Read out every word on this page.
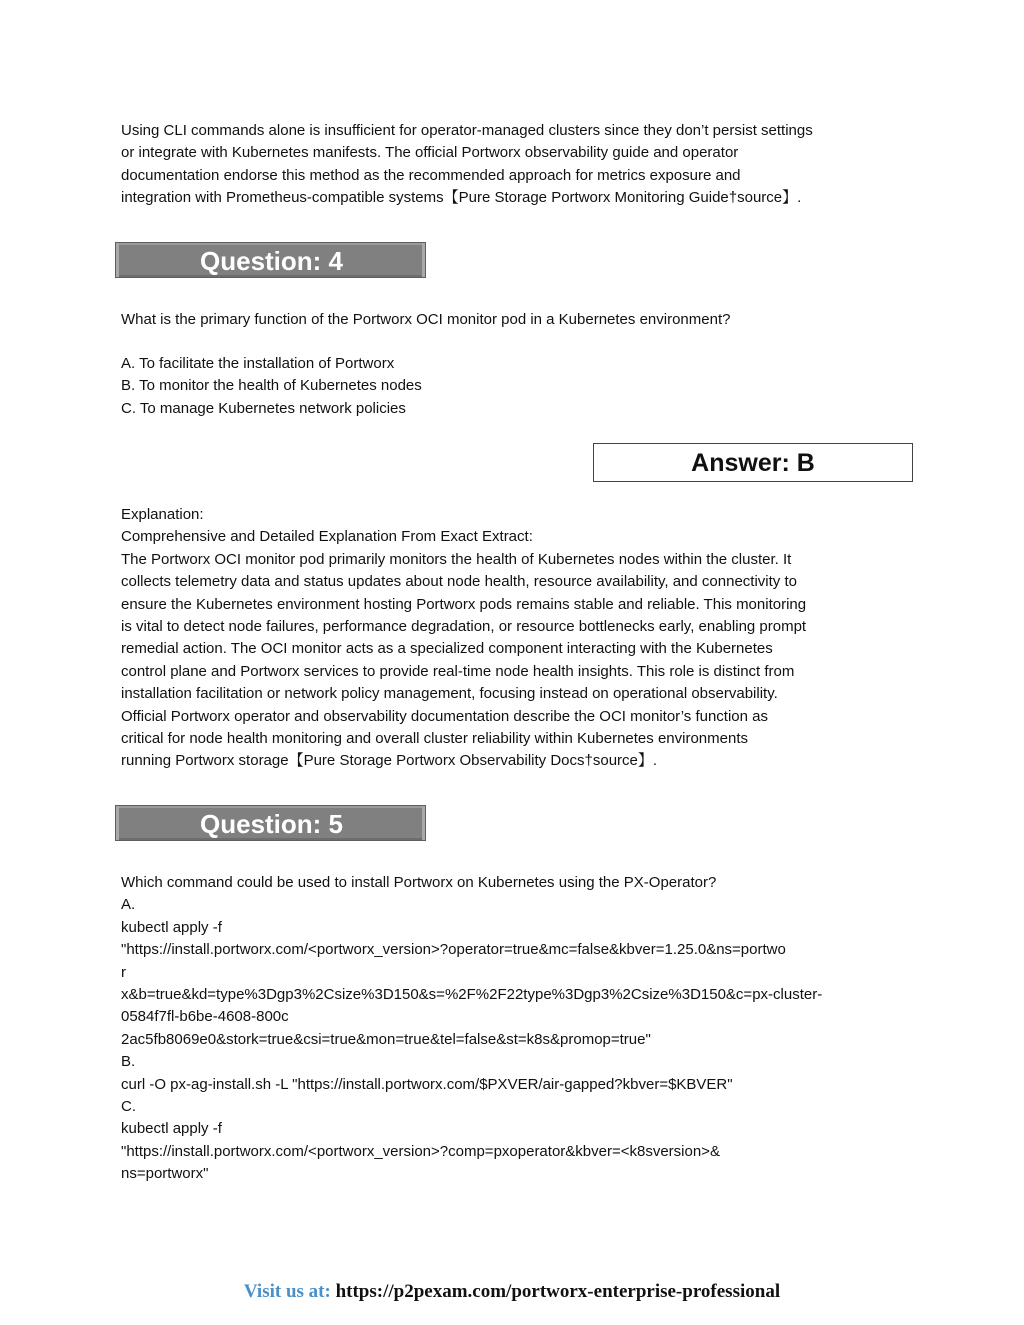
Using CLI commands alone is insufficient for operator-managed clusters since they don’t persist settings
or integrate with Kubernetes manifests. The official Portworx observability guide and operator
documentation endorse this method as the recommended approach for metrics exposure and
integration with Prometheus-compatible systems【Pure Storage Portworx Monitoring Guide†source】.
Question: 4
What is the primary function of the Portworx OCI monitor pod in a Kubernetes environment?
A. To facilitate the installation of Portworx
B. To monitor the health of Kubernetes nodes
C. To manage Kubernetes network policies
Answer: B
Explanation:
Comprehensive and Detailed Explanation From Exact Extract:
The Portworx OCI monitor pod primarily monitors the health of Kubernetes nodes within the cluster. It
collects telemetry data and status updates about node health, resource availability, and connectivity to
ensure the Kubernetes environment hosting Portworx pods remains stable and reliable. This monitoring
is vital to detect node failures, performance degradation, or resource bottlenecks early, enabling prompt
remedial action. The OCI monitor acts as a specialized component interacting with the Kubernetes
control plane and Portworx services to provide real-time node health insights. This role is distinct from
installation facilitation or network policy management, focusing instead on operational observability.
Official Portworx operator and observability documentation describe the OCI monitor’s function as
critical for node health monitoring and overall cluster reliability within Kubernetes environments
running Portworx storage【Pure Storage Portworx Observability Docs†source】.
Question: 5
Which command could be used to install Portworx on Kubernetes using the PX-Operator?
A.
kubectl apply -f
"https://install.portworx.com/<portworx_version>?operator=true&mc=false&kbver=1.25.0&ns=portwo
r
x&b=true&kd=type%3Dgp3%2Csize%3D150&s=%2F%2F22type%3Dgp3%2Csize%3D150&c=px-cluster-
0584f7fl-b6be-4608-800c
2ac5fb8069e0&stork=true&csi=true&mon=true&tel=false&st=k8s&promop=true"
B.
curl -O px-ag-install.sh -L "https://install.portworx.com/$PXVER/air-gapped?kbver=$KBVER"
C.
kubectl apply -f
"https://install.portworx.com/<portworx_version>?comp=pxoperator&kbver=<k8sversion>&
ns=portworx"
Visit us at: https://p2pexam.com/portworx-enterprise-professional
